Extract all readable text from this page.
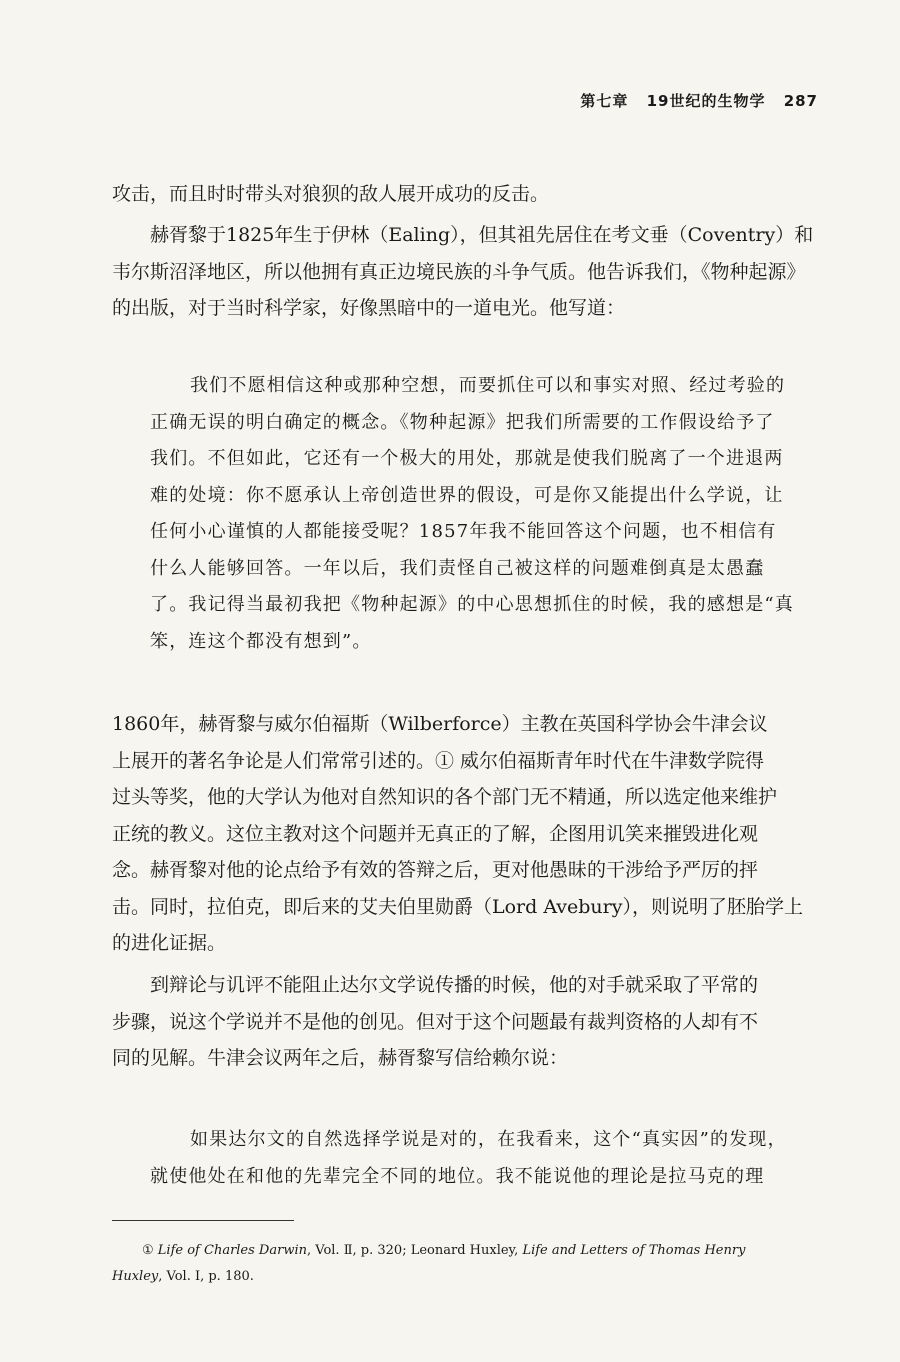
第七章 19世纪的生物学 287

攻击，而且时时带头对狼狈的敌人展开成功的反击。

赫胥黎于1825年生于伊林（Ealing），但其祖先居住在考文垂（Coventry）和
韦尔斯沼泽地区，所以他拥有真正边境民族的斗争气质。他告诉我们，《物种起源》
的出版，对于当时科学家，好像黑暗中的一道电光。他写道：

我们不愿相信这种或那种空想，而要抓住可以和事实对照、经过考验的
正确无误的明白确定的概念。《物种起源》把我们所需要的工作假设给予了
我们。不但如此，它还有一个极大的用处，那就是使我们脱离了一个进退两
难的处境：你不愿承认上帝创造世界的假设，可是你又能提出什么学说，让
任何小心谨慎的人都能接受呢？1857年我不能回答这个问题，也不相信有
什么人能够回答。一年以后，我们责怪自己被这样的问题难倒真是太愚蠢
了。我记得当最初我把《物种起源》的中心思想抓住的时候，我的感想是“真
笨，连这个都没有想到”。

1860年，赫胥黎与威尔伯福斯（Wilberforce）主教在英国科学协会牛津会议
上展开的著名争论是人们常常引述的。① 威尔伯福斯青年时代在牛津数学院得
过头等奖，他的大学认为他对自然知识的各个部门无不精通，所以选定他来维护
正统的教义。这位主教对这个问题并无真正的了解，企图用讥笑来摧毁进化观
念。赫胥黎对他的论点给予有效的答辩之后，更对他愚昧的干涉给予严厉的抨
击。同时，拉伯克，即后来的艾夫伯里勋爵（Lord Avebury），则说明了胚胎学上
的进化证据。

到辩论与讥评不能阻止达尔文学说传播的时候，他的对手就采取了平常的
步骤，说这个学说并不是他的创见。但对于这个问题最有裁判资格的人却有不
同的见解。牛津会议两年之后，赫胥黎写信给赖尔说：

如果达尔文的自然选择学说是对的，在我看来，这个“真实因”的发现，
就使他处在和他的先辈完全不同的地位。我不能说他的理论是拉马克的理

① Life of Charles Darwin, Vol. Ⅱ, p. 320; Leonard Huxley, Life and Letters of Thomas Henry
Huxley, Vol. Ⅰ, p. 180.
